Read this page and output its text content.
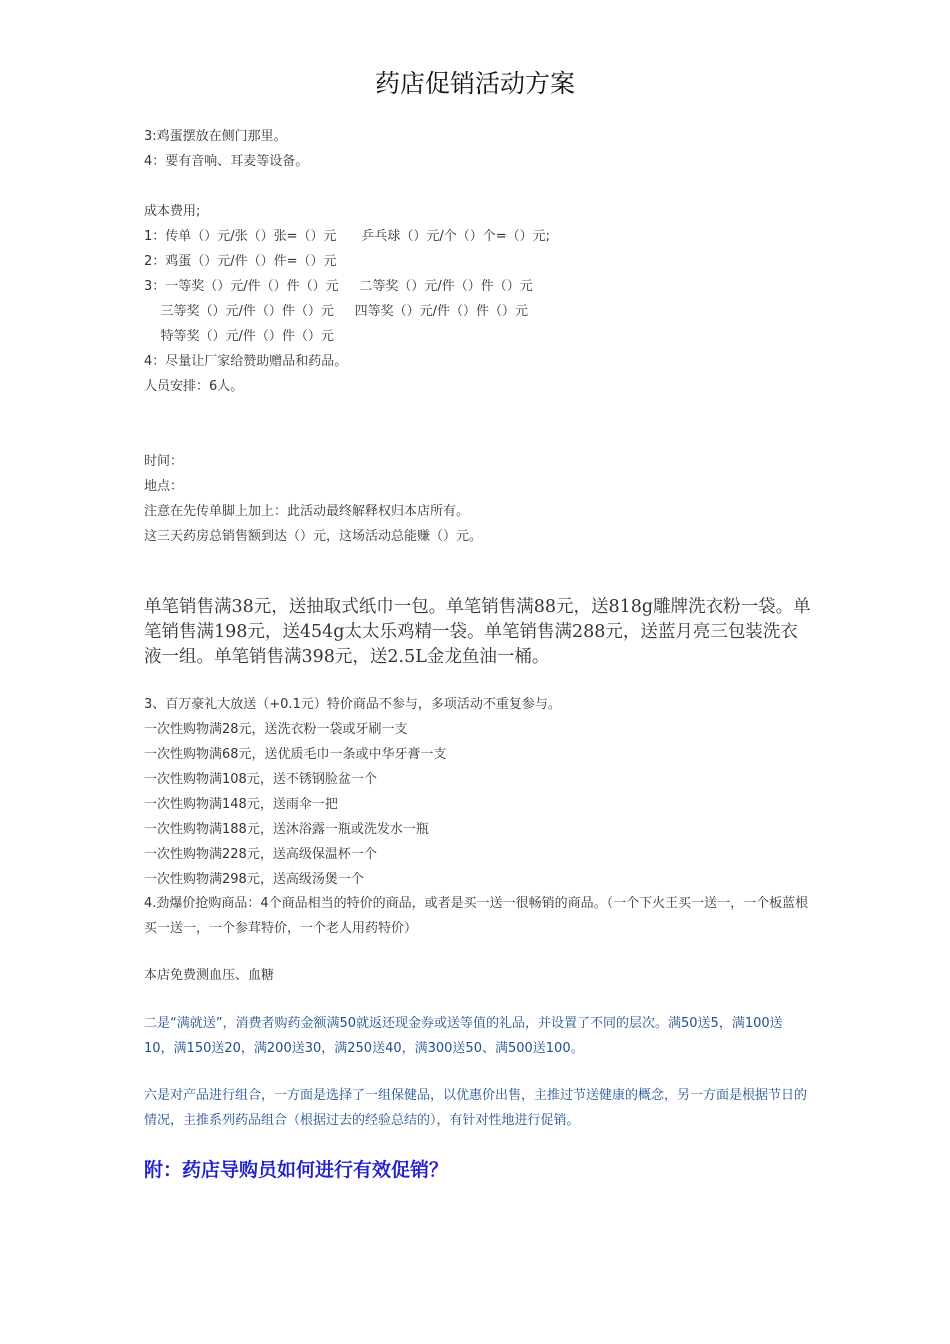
药店促销活动方案
3:鸡蛋摆放在侧门那里。
4：要有音响、耳麦等设备。
成本费用;
1：传单（）元/张（）张=（）元      乒乓球（）元/个（）个=（）元;
2：鸡蛋（）元/件（）件=（）元
3：一等奖（）元/件（）件（）元     二等奖（）元/件（）件（）元
三等奖（）元/件（）件（）元     四等奖（）元/件（）件（）元
特等奖（）元/件（）件（）元
4：尽量让厂家给赞助赠品和药品。
人员安排：6人。
时间：
地点：
注意在先传单脚上加上：此活动最终解释权归本店所有。
这三天药房总销售额到达（）元，这场活动总能赚（）元。
单笔销售满38元，送抽取式纸巾一包。单笔销售满88元，送818g雕牌洗衣粉一袋。单笔销售满198元，送454g太太乐鸡精一袋。单笔销售满288元，送蓝月亮三包装洗衣液一组。单笔销售满398元，送2.5L金龙鱼油一桶。
3、百万豪礼大放送（+0.1元）特价商品不参与，多项活动不重复参与。
一次性购物满28元，送洗衣粉一袋或牙刷一支
一次性购物满68元，送优质毛巾一条或中华牙膏一支
一次性购物满108元，送不锈钢脸盆一个
一次性购物满148元，送雨伞一把
一次性购物满188元，送沐浴露一瓶或洗发水一瓶
一次性购物满228元，送高级保温杯一个
一次性购物满298元，送高级汤煲一个
4.劲爆价抢购商品：4个商品相当的特价的商品，或者是买一送一很畅销的商品。（一个下火王买一送一，一个板蓝根买一送一，一个参茸特价，一个老人用药特价）
本店免费测血压、血糖
二是“满就送”，消费者购药金额满50就返还现金券或送等值的礼品，并设置了不同的层次。满50送5，满100送10，满150送20，满200送30，满250送40，满300送50、满500送100。
六是对产品进行组合，一方面是选择了一组保健品，以优惠价出售，主推过节送健康的概念，另一方面是根据节日的情况，主推系列药品组合（根据过去的经验总结的），有针对性地进行促销。
附：药店导购员如何进行有效促销？
